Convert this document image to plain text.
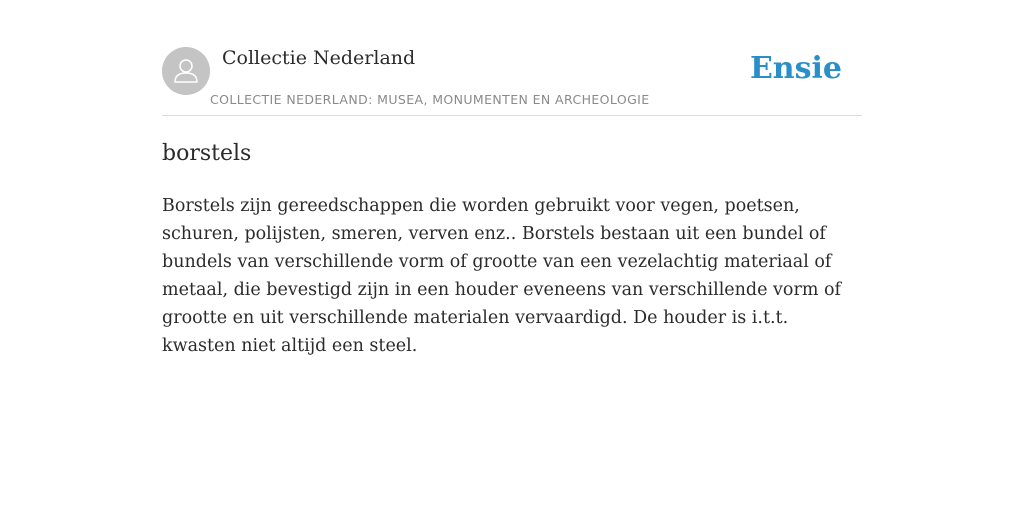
Collectie Nederland
COLLECTIE NEDERLAND: MUSEA, MONUMENTEN EN ARCHEOLOGIE
Ensie
borstels

Borstels zijn gereedschappen die worden gebruikt voor vegen, poetsen, schuren, polijsten, smeren, verven enz.. Borstels bestaan uit een bundel of bundels van verschillende vorm of grootte van een vezelachtig materiaal of metaal, die bevestigd zijn in een houder eveneens van verschillende vorm of grootte en uit verschillende materialen vervaardigd. De houder is i.t.t. kwasten niet altijd een steel.
